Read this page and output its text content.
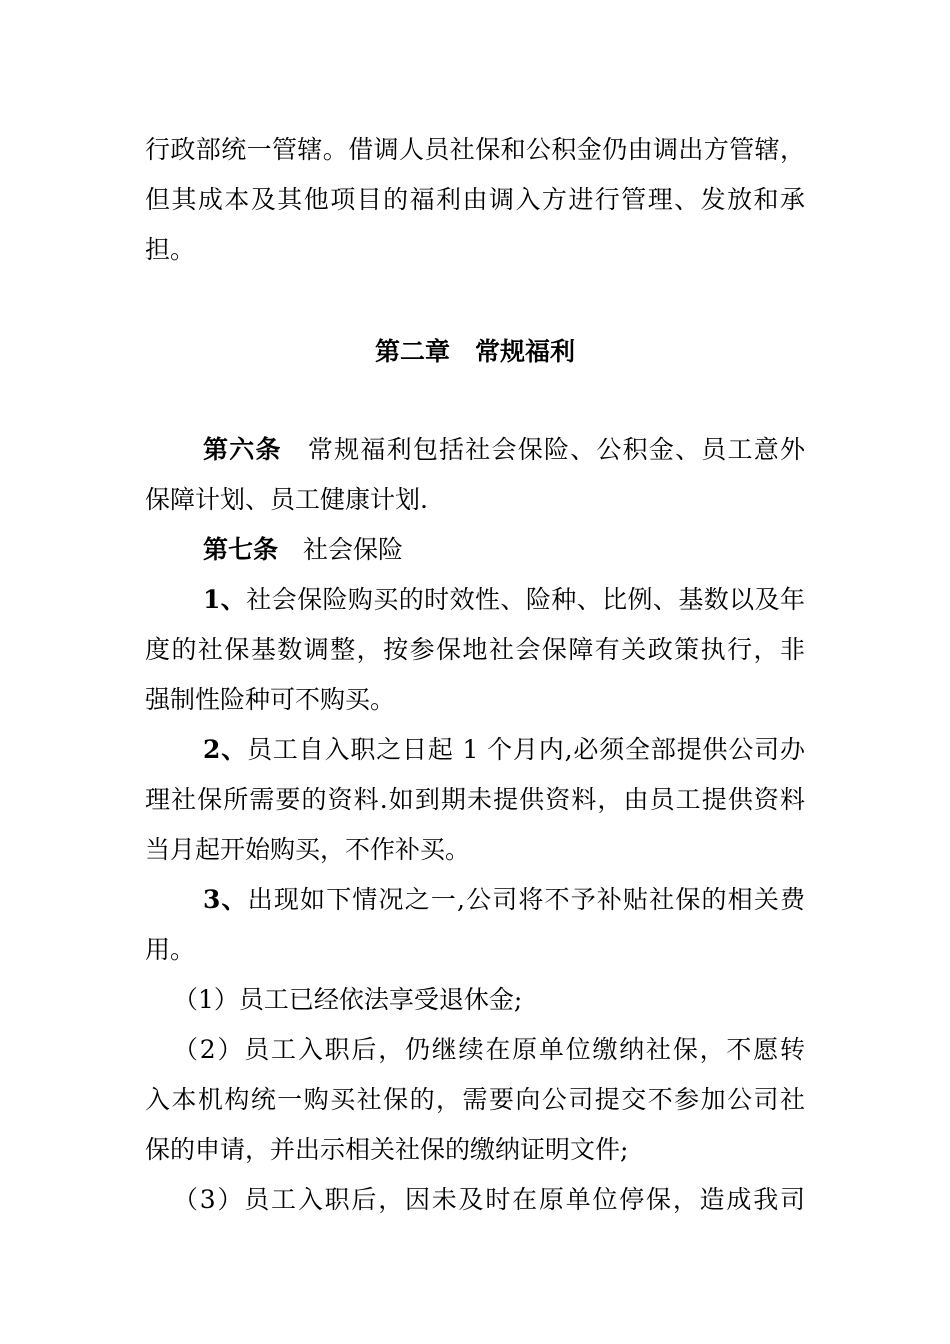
行政部统一管辖。借调人员社保和公积金仍由调出方管辖，
但其成本及其他项目的福利由调入方进行管理、发放和承
担。
第二章　常规福利
第六条　 常规福利包括社会保险、公积金、员工意外
保障计划、员工健康计划.
第七条　 社会保险
1、社会保险购买的时效性、险种、比例、基数以及年
度的社保基数调整，按参保地社会保障有关政策执行，非
强制性险种可不购买。
2、员工自入职之日起 1 个月内,必须全部提供公司办
理社保所需要的资料.如到期未提供资料，由员工提供资料
当月起开始购买，不作补买。
3、出现如下情况之一,公司将不予补贴社保的相关费
用。
（1）员工已经依法享受退休金;
（2）员工入职后，仍继续在原单位缴纳社保，不愿转
入本机构统一购买社保的，需要向公司提交不参加公司社
保的申请，并出示相关社保的缴纳证明文件;
（3）员工入职后，因未及时在原单位停保，造成我司
